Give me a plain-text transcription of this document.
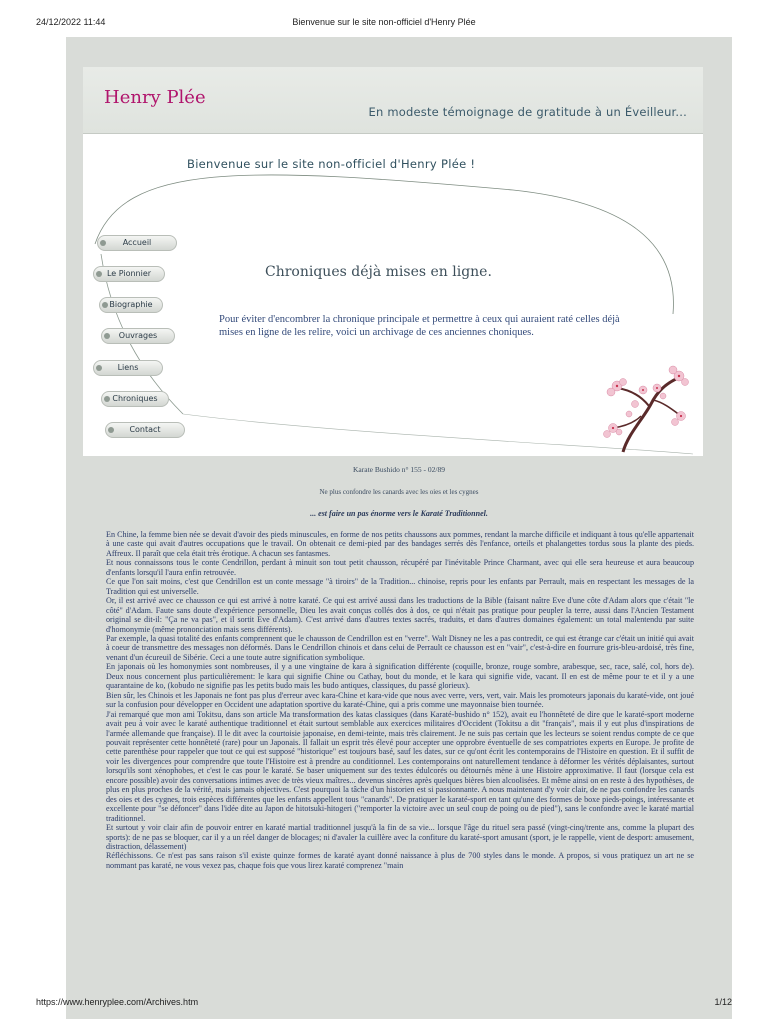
24/12/2022 11:44	Bienvenue sur le site non-officiel d'Henry Plée
Henry Plée
En modeste témoignage de gratitude à un Éveilleur...
Bienvenue sur le site non-officiel d'Henry Plée !
Accueil
Le Pionnier
Biographie
Ouvrages
Liens
Chroniques
Contact
Chroniques déjà mises en ligne.
Pour éviter d'encombrer la chronique principale et permettre à ceux qui auraient raté celles déjà mises en ligne de les relire, voici un archivage de ces anciennes choniques.
Karate Bushido n° 155 - 02/89
Ne plus confondre les canards avec les oies et les cygnes
... est faire un pas énorme vers le Karaté Traditionnel.

En Chine, la femme bien née se devait d'avoir des pieds minuscules, en forme de nos petits chaussons aux pommes, rendant la marche difficile et indiquant à tous qu'elle appartenait à une caste qui avait d'autres occupations que le travail. On obtenait ce demi-pied par des bandages serrés dès l'enfance, orteils et phalangettes tordus sous la plante des pieds. Affreux. Il paraît que cela était très érotique. A chacun ses fantasmes.

Et nous connaissons tous le conte Cendrillon, perdant à minuit son tout petit chausson, récupéré par l'inévitable Prince Charmant, avec qui elle sera heureuse et aura beaucoup d'enfants lorsqu'il l'aura enfin retrouvée.

Ce que l'on sait moins, c'est que Cendrillon est un conte message "à tiroirs" de la Tradition... chinoise, repris pour les enfants par Perrault, mais en respectant les messages de la Tradition qui est universelle.

Or, il est arrivé avec ce chausson ce qui est arrivé à notre karaté. Ce qui est arrivé aussi dans les traductions de la Bible (faisant naître Eve d'une côte d'Adam alors que c'était "le côté" d'Adam. Faute sans doute d'expérience personnelle, Dieu les avait conçus collés dos à dos, ce qui n'était pas pratique pour peupler la terre, aussi dans l'Ancien Testament original se dit-il: "Ça ne va pas", et il sortit Eve d'Adam). C'est arrivé dans d'autres textes sacrés, traduits, et dans d'autres domaines également: un total malentendu par suite d'homonymie (même prononciation mais sens différents).

Par exemple, la quasi totalité des enfants comprennent que le chausson de Cendrillon est en "verre". Walt Disney ne les a pas contredit, ce qui est étrange car c'était un initié qui avait à coeur de transmettre des messages non déformés. Dans le Cendrillon chinois et dans celui de Perrault ce chausson est en "vair", c'est-à-dire en fourrure gris-bleu-ardoisé, très fine, venant d'un écureuil de Sibérie. Ceci a une toute autre signification symbolique.

En japonais où les homonymies sont nombreuses, il y a une vingtaine de kara à signification différente (coquille, bronze, rouge sombre, arabesque, sec, race, salé, col, hors de). Deux nous concernent plus particulièrement: le kara qui signifie Chine ou Cathay, bout du monde, et le kara qui signifie vide, vacant. Il en est de même pour te et il y a une quarantaine de ko, (kobudo ne signifie pas les petits budo mais les budo antiques, classiques, du passé glorieux).

Bien sûr, les Chinois et les Japonais ne font pas plus d'erreur avec kara-Chine et kara-vide que nous avec verre, vers, vert, vair. Mais les promoteurs japonais du karaté-vide, ont joué sur la confusion pour développer en Occident une adaptation sportive du karaté-Chine, qui a pris comme une mayonnaise bien tournée.

J'ai remarqué que mon ami Tokitsu, dans son article Ma transformation des katas classiques (dans Karaté-bushido n° 152), avait eu l'honnêteté de dire que le karaté-sport moderne avait peu à voir avec le karaté authentique traditionnel et était surtout semblable aux exercices militaires d'Occident (Tokitsu a dit "français", mais il y eut plus d'inspirations de l'armée allemande que française). Il le dit avec la courtoisie japonaise, en demi-teinte, mais très clairement. Je ne suis pas certain que les lecteurs se soient rendus compte de ce que pouvait représenter cette honnêteté (rare) pour un Japonais. Il fallait un esprit très élevé pour accepter une opprobre éventuelle de ses compatriotes experts en Europe. Je profite de cette parenthèse pour rappeler que tout ce qui est supposé "historique" est toujours basé, sauf les dates, sur ce qu'ont écrit les contemporains de l'Histoire en question. Et il suffit de voir les divergences pour comprendre que toute l'Histoire est à prendre au conditionnel. Les contemporains ont naturellement tendance à déformer les vérités déplaisantes, surtout lorsqu'ils sont xénophobes, et c'est le cas pour le karaté. Se baser uniquement sur des textes édulcorés ou détournés mène à une Histoire approximative. Il faut (lorsque cela est encore possible) avoir des conversations intimes avec de très vieux maîtres... devenus sincères après quelques bières bien alcoolisées. Et même ainsi on en reste à des hypothèses, de plus en plus proches de la vérité, mais jamais objectives. C'est pourquoi la tâche d'un historien est si passionnante. A nous maintenant d'y voir clair, de ne pas confondre les canards des oies et des cygnes, trois espèces différentes que les enfants appellent tous "canards". De pratiquer le karaté-sport en tant qu'une des formes de boxe pieds-poings, intéressante et excellente pour "se défoncer" dans l'idée dite au Japon de hitotsuki-hitogeri ("remporter la victoire avec un seul coup de poing ou de pied"), sans le confondre avec le karaté martial traditionnel.

Et surtout y voir clair afin de pouvoir entrer en karaté martial traditionnel jusqu'à la fin de sa vie... lorsque l'âge du rituel sera passé (vingt-cinq/trente ans, comme la plupart des sports): de ne pas se bloquer, car il y a un réel danger de blocages; ni d'avaler la cuillère avec la confiture du karaté-sport amusant (sport, je le rappelle, vient de desport: amusement, distraction, délassement)

Réfléchissons. Ce n'est pas sans raison s'il existe quinze formes de karaté ayant donné naissance à plus de 700 styles dans le monde. A propos, si vous pratiquez un art ne se nommant pas karaté, ne vous vexez pas, chaque fois que vous lirez karaté comprenez "main

https://www.henryplee.com/Archives.htm	1/12
